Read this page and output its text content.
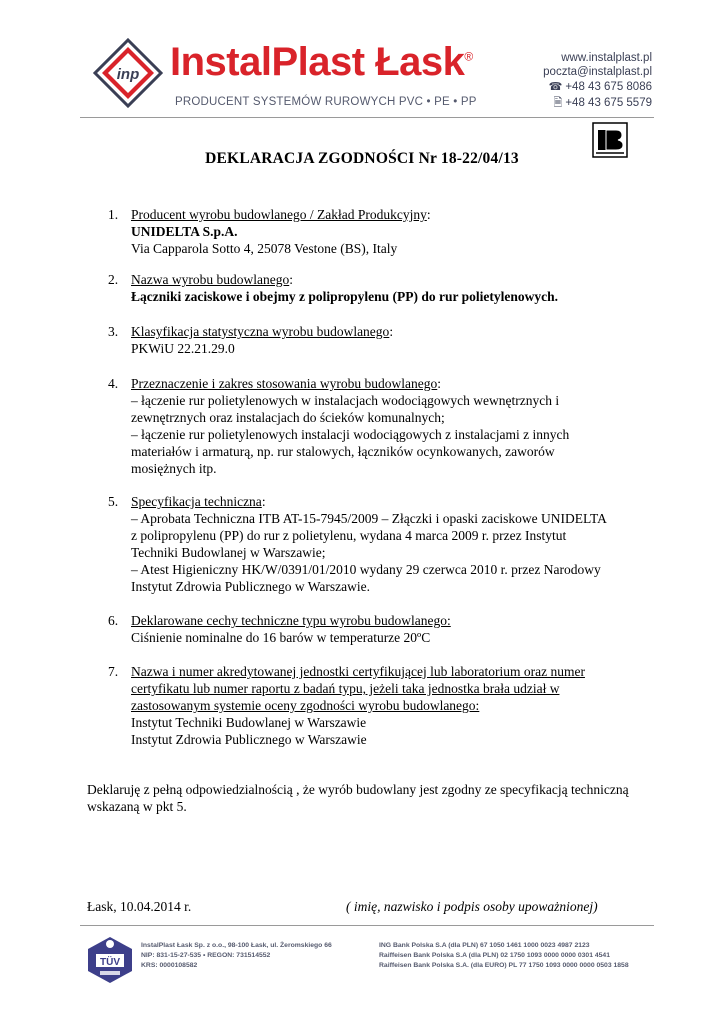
inp InstalPlast Łask®
PRODUCENT SYSTEMÓW RUROWYCH PVC • PE • PP
www.instalplast.pl
poczta@instalplast.pl
☎ +48 43 675 8086
🗎 +48 43 675 5579
DEKLARACJA ZGODNOŚCI Nr 18-22/04/13
1. Producent wyrobu budowlanego / Zakład Produkcyjny:
UNIDELTA S.p.A.
Via Capparola Sotto 4, 25078 Vestone (BS), Italy
2. Nazwa wyrobu budowlanego:
Łączniki zaciskowe i obejmy z polipropylenu (PP) do rur polietylenowych.
3. Klasyfikacja statystyczna wyrobu budowlanego:
PKWiU 22.21.29.0
4. Przeznaczenie i zakres stosowania wyrobu budowlanego:
– łączenie rur polietylenowych w instalacjach wodociągowych wewnętrznych i
zewnętrznych oraz instalacjach do ścieków komunalnych;
– łączenie rur polietylenowych instalacji wodociągowych z instalacjami z innych
materiałów i armaturą, np. rur stalowych, łączników ocynkowanych, zaworów
mosiężnych itp.
5. Specyfikacja techniczna:
– Aprobata Techniczna ITB AT-15-7945/2009 – Złączki i opaski zaciskowe UNIDELTA
z polipropylenu (PP) do rur z polietylenu, wydana 4 marca 2009 r. przez Instytut
Techniki Budowlanej w Warszawie;
– Atest Higieniczny HK/W/0391/01/2010 wydany 29 czerwca 2010 r. przez Narodowy
Instytut Zdrowia Publicznego w Warszawie.
6. Deklarowane cechy techniczne typu wyrobu budowlanego:
Ciśnienie nominalne do 16 barów w temperaturze 20ºC
7. Nazwa i numer akredytowanej jednostki certyfikującej lub laboratorium oraz numer
certyfikatu lub numer raportu z badań typu, jeżeli taka jednostka brała udział w
zastosowanym systemie oceny zgodności wyrobu budowlanego:
Instytut Techniki Budowlanej w Warszawie
Instytut Zdrowia Publicznego w Warszawie
Deklaruję z pełną odpowiedzialnością , że wyrób budowlany jest zgodny ze specyfikacją techniczną wskazaną w pkt 5.
Łask, 10.04.2014 r.	( imię, nazwisko i podpis osoby upoważnionej)
TÜV
InstalPlast Łask Sp. z o.o., 98-100 Łask, ul. Żeromskiego 66
NIP: 831-15-27-535 • REGON: 731514552
KRS: 0000108582
ING Bank Polska S.A (dla PLN) 67 1050 1461 1000 0023 4987 2123
Raiffeisen Bank Polska S.A (dla PLN) 02 1750 1093 0000 0000 0301 4541
Raiffeisen Bank Polska S.A. (dla EURO) PL 77 1750 1093 0000 0000 0503 1858
